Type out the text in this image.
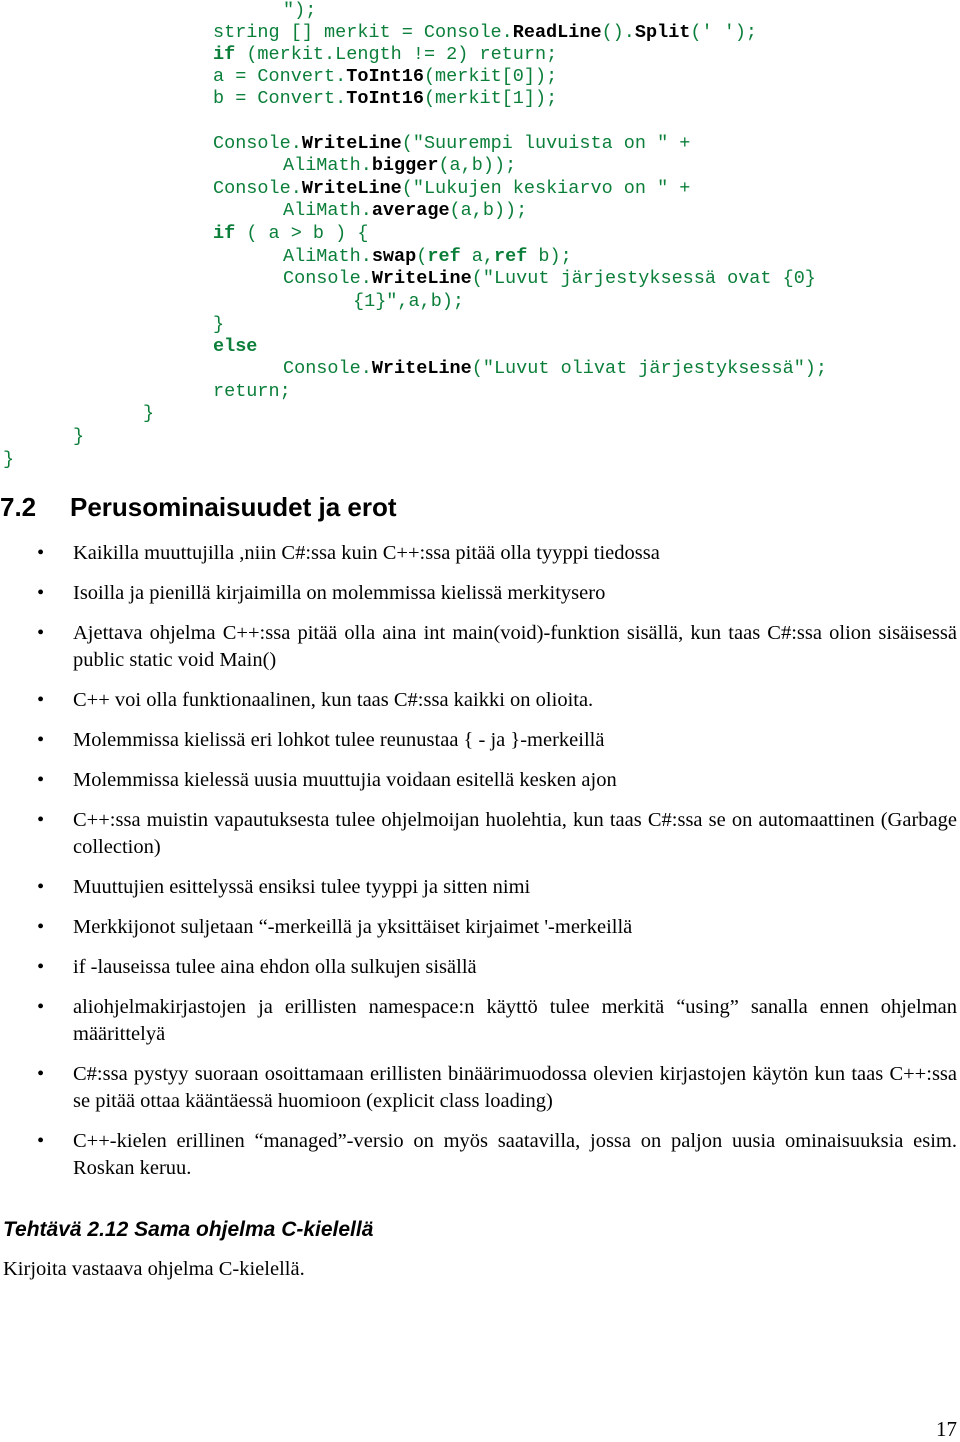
");
string [] merkit = Console.ReadLine().Split(' ');
if (merkit.Length != 2) return;
a = Convert.ToInt16(merkit[0]);
b = Convert.ToInt16(merkit[1]);
Console.WriteLine("Suurempi luvuista on " +
AliMath.bigger(a,b));
Console.WriteLine("Lukujen keskiarvo on " +
AliMath.average(a,b));
if ( a > b ) {
AliMath.swap(ref a,ref b);
Console.WriteLine("Luvut järjestyksessä ovat {0}
{1}",a,b);
}
else
Console.WriteLine("Luvut olivat järjestyksessä");
return;
}
}
}
7.2 Perusominaisuudet ja erot
• Kaikilla muuttujilla ,niin C#:ssa kuin C++:ssa pitää olla tyyppi tiedossa
• Isoilla ja pienillä kirjaimilla on molemmissa kielissä merkitysero
• Ajettava ohjelma C++:ssa pitää olla aina int main(void)-funktion sisällä, kun taas C#:ssa olion sisäisessä public static void Main()
• C++ voi olla funktionaalinen, kun taas C#:ssa kaikki on olioita.
• Molemmissa kielissä eri lohkot tulee reunustaa { - ja }-merkeillä
• Molemmissa kielessä uusia muuttujia voidaan esitellä kesken ajon
• C++:ssa muistin vapautuksesta tulee ohjelmoijan huolehtia, kun taas C#:ssa se on automaattinen (Garbage collection)
• Muuttujien esittelyssä ensiksi tulee tyyppi ja sitten nimi
• Merkkijonot suljetaan “-merkeillä ja yksittäiset kirjaimet '-merkeillä
• if -lauseissa tulee aina ehdon olla sulkujen sisällä
• aliohjelmakirjastojen ja erillisten namespace:n käyttö tulee merkitä “using” sanalla ennen ohjelman määrittelyä
• C#:ssa pystyy suoraan osoittamaan erillisten binäärimuodossa olevien kirjastojen käytön kun taas C++:ssa se pitää ottaa kääntäessä huomioon (explicit class loading)
• C++-kielen erillinen “managed”-versio on myös saatavilla, jossa on paljon uusia ominaisuuksia esim. Roskan keruu.

Tehtävä 2.12 Sama ohjelma C-kielellä

Kirjoita vastaava ohjelma C-kielellä.

17
